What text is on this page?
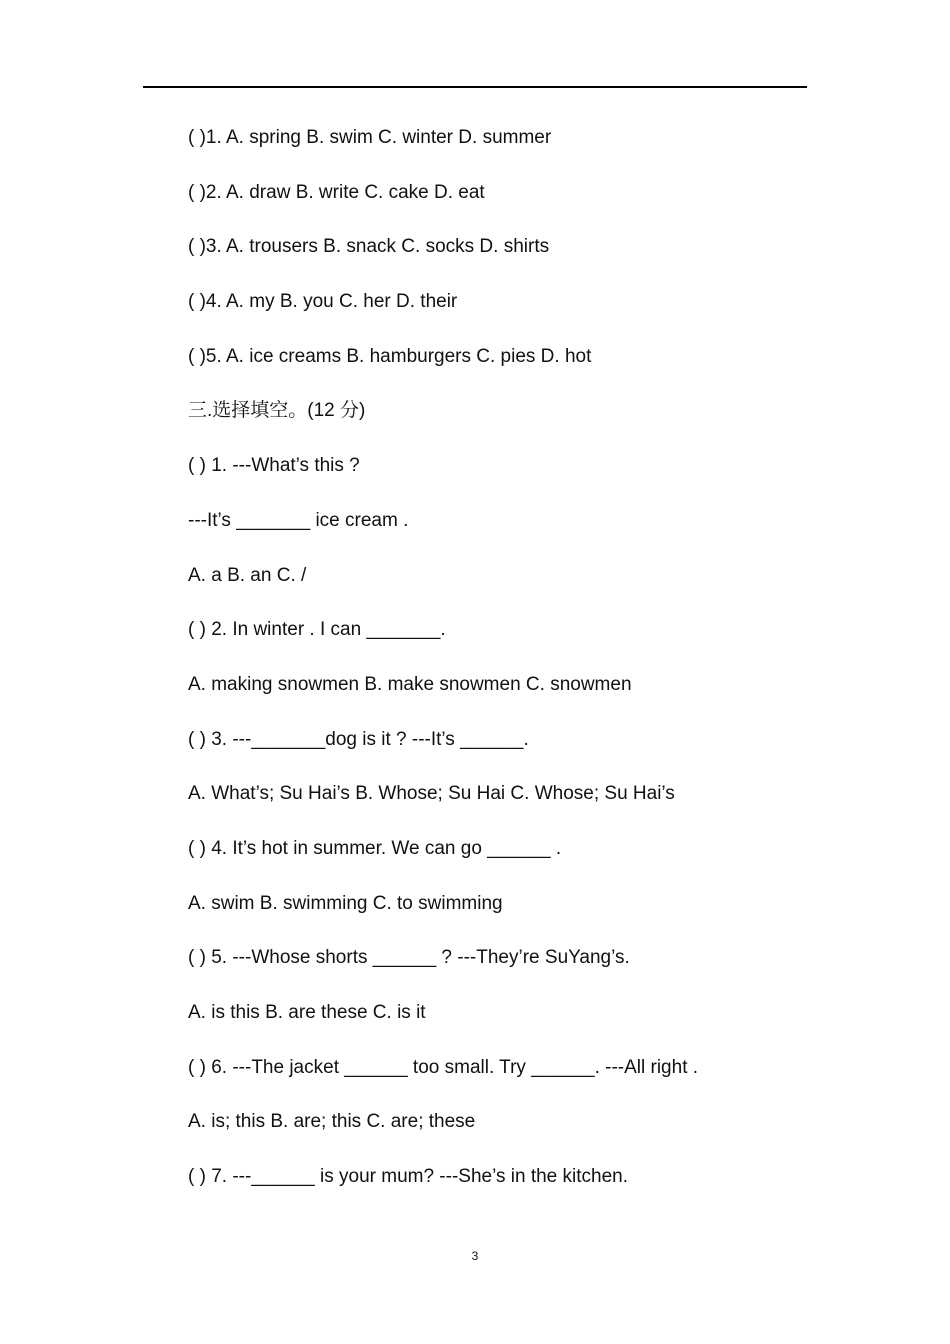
( )1. A. spring B. swim C. winter D. summer
( )2. A. draw B. write C. cake D. eat
( )3. A. trousers B. snack C. socks D. shirts
( )4. A. my B. you C. her D. their
( )5. A. ice creams B. hamburgers C. pies D. hot
三.选择填空。(12 分)
( ) 1. ---What’s this ?
---It’s _______ ice cream .
A. a B. an C. /
( ) 2. In winter . I can _______.
A. making snowmen B. make snowmen C. snowmen
( ) 3. ---_______dog is it ? ---It’s ______.
A. What’s; Su Hai’s B. Whose; Su Hai C. Whose; Su Hai’s
( ) 4. It’s hot in summer. We can go ______ .
A. swim B. swimming C. to swimming
( ) 5. ---Whose shorts ______ ? ---They’re SuYang’s.
A. is this B. are these C. is it
( ) 6. ---The jacket ______ too small. Try ______. ---All right .
A. is; this B. are; this C. are; these
( ) 7. ---______ is your mum? ---She’s in the kitchen.
3
